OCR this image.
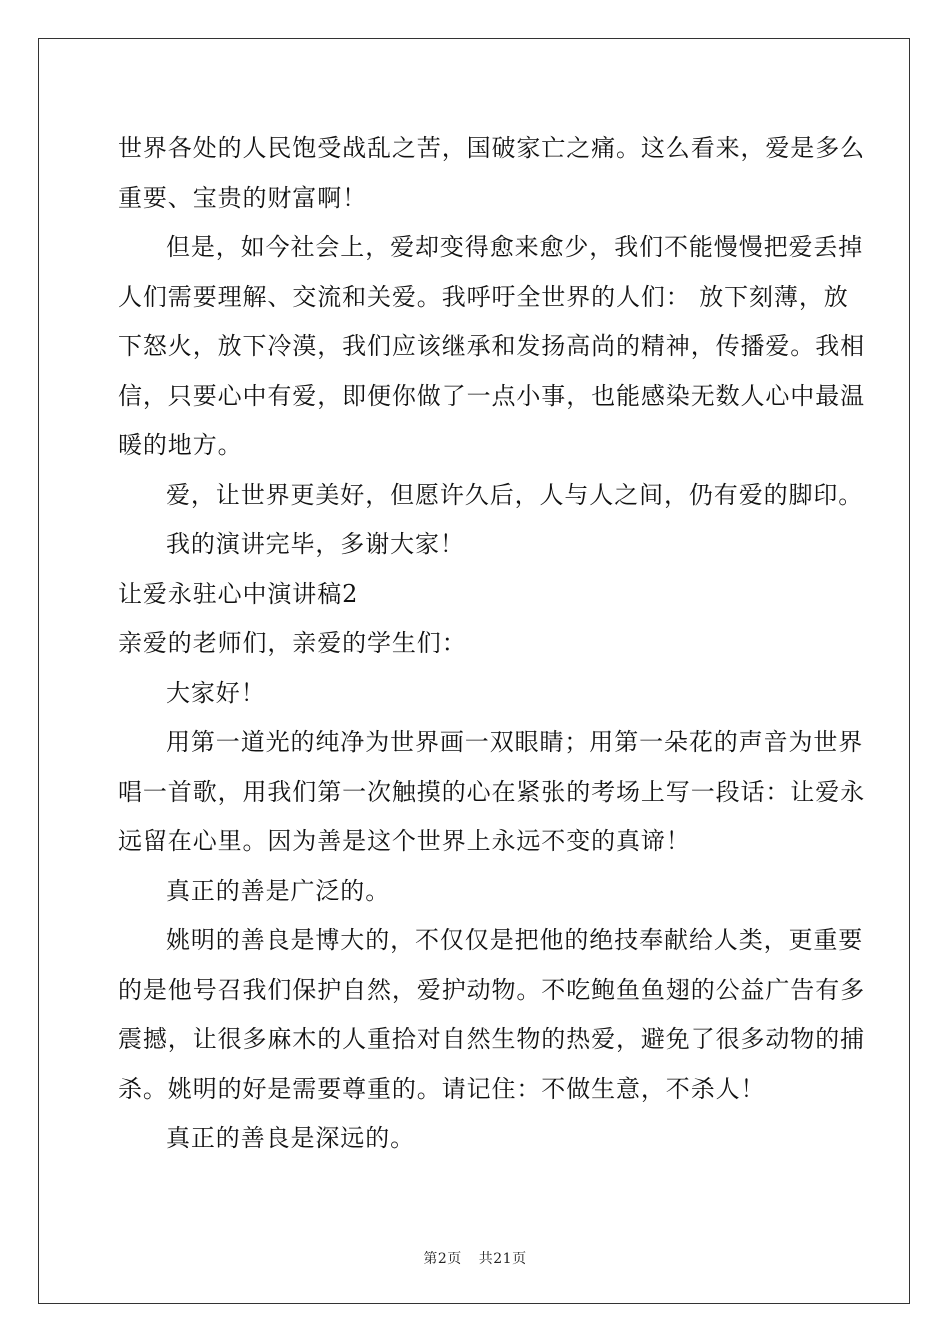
世界各处的人民饱受战乱之苦，国破家亡之痛。这么看来，爱是多么
重要、宝贵的财富啊！
但是，如今社会上，爱却变得愈来愈少，我们不能慢慢把爱丢掉
人们需要理解、交流和关爱。我呼吁全世界的人们： 放下刻薄，放
下怒火，放下冷漠，我们应该继承和发扬高尚的精神，传播爱。我相
信，只要心中有爱，即便你做了一点小事，也能感染无数人心中最温
暖的地方。
爱，让世界更美好，但愿许久后，人与人之间，仍有爱的脚印。
我的演讲完毕，多谢大家！
让爱永驻心中演讲稿2
亲爱的老师们，亲爱的学生们：
大家好！
用第一道光的纯净为世界画一双眼睛；用第一朵花的声音为世界
唱一首歌，用我们第一次触摸的心在紧张的考场上写一段话：让爱永
远留在心里。因为善是这个世界上永远不变的真谛！
真正的善是广泛的。
姚明的善良是博大的，不仅仅是把他的绝技奉献给人类，更重要
的是他号召我们保护自然，爱护动物。不吃鲍鱼鱼翅的公益广告有多
震撼，让很多麻木的人重拾对自然生物的热爱，避免了很多动物的捕
杀。姚明的好是需要尊重的。请记住：不做生意，不杀人！
真正的善良是深远的。
第2页 共21页
